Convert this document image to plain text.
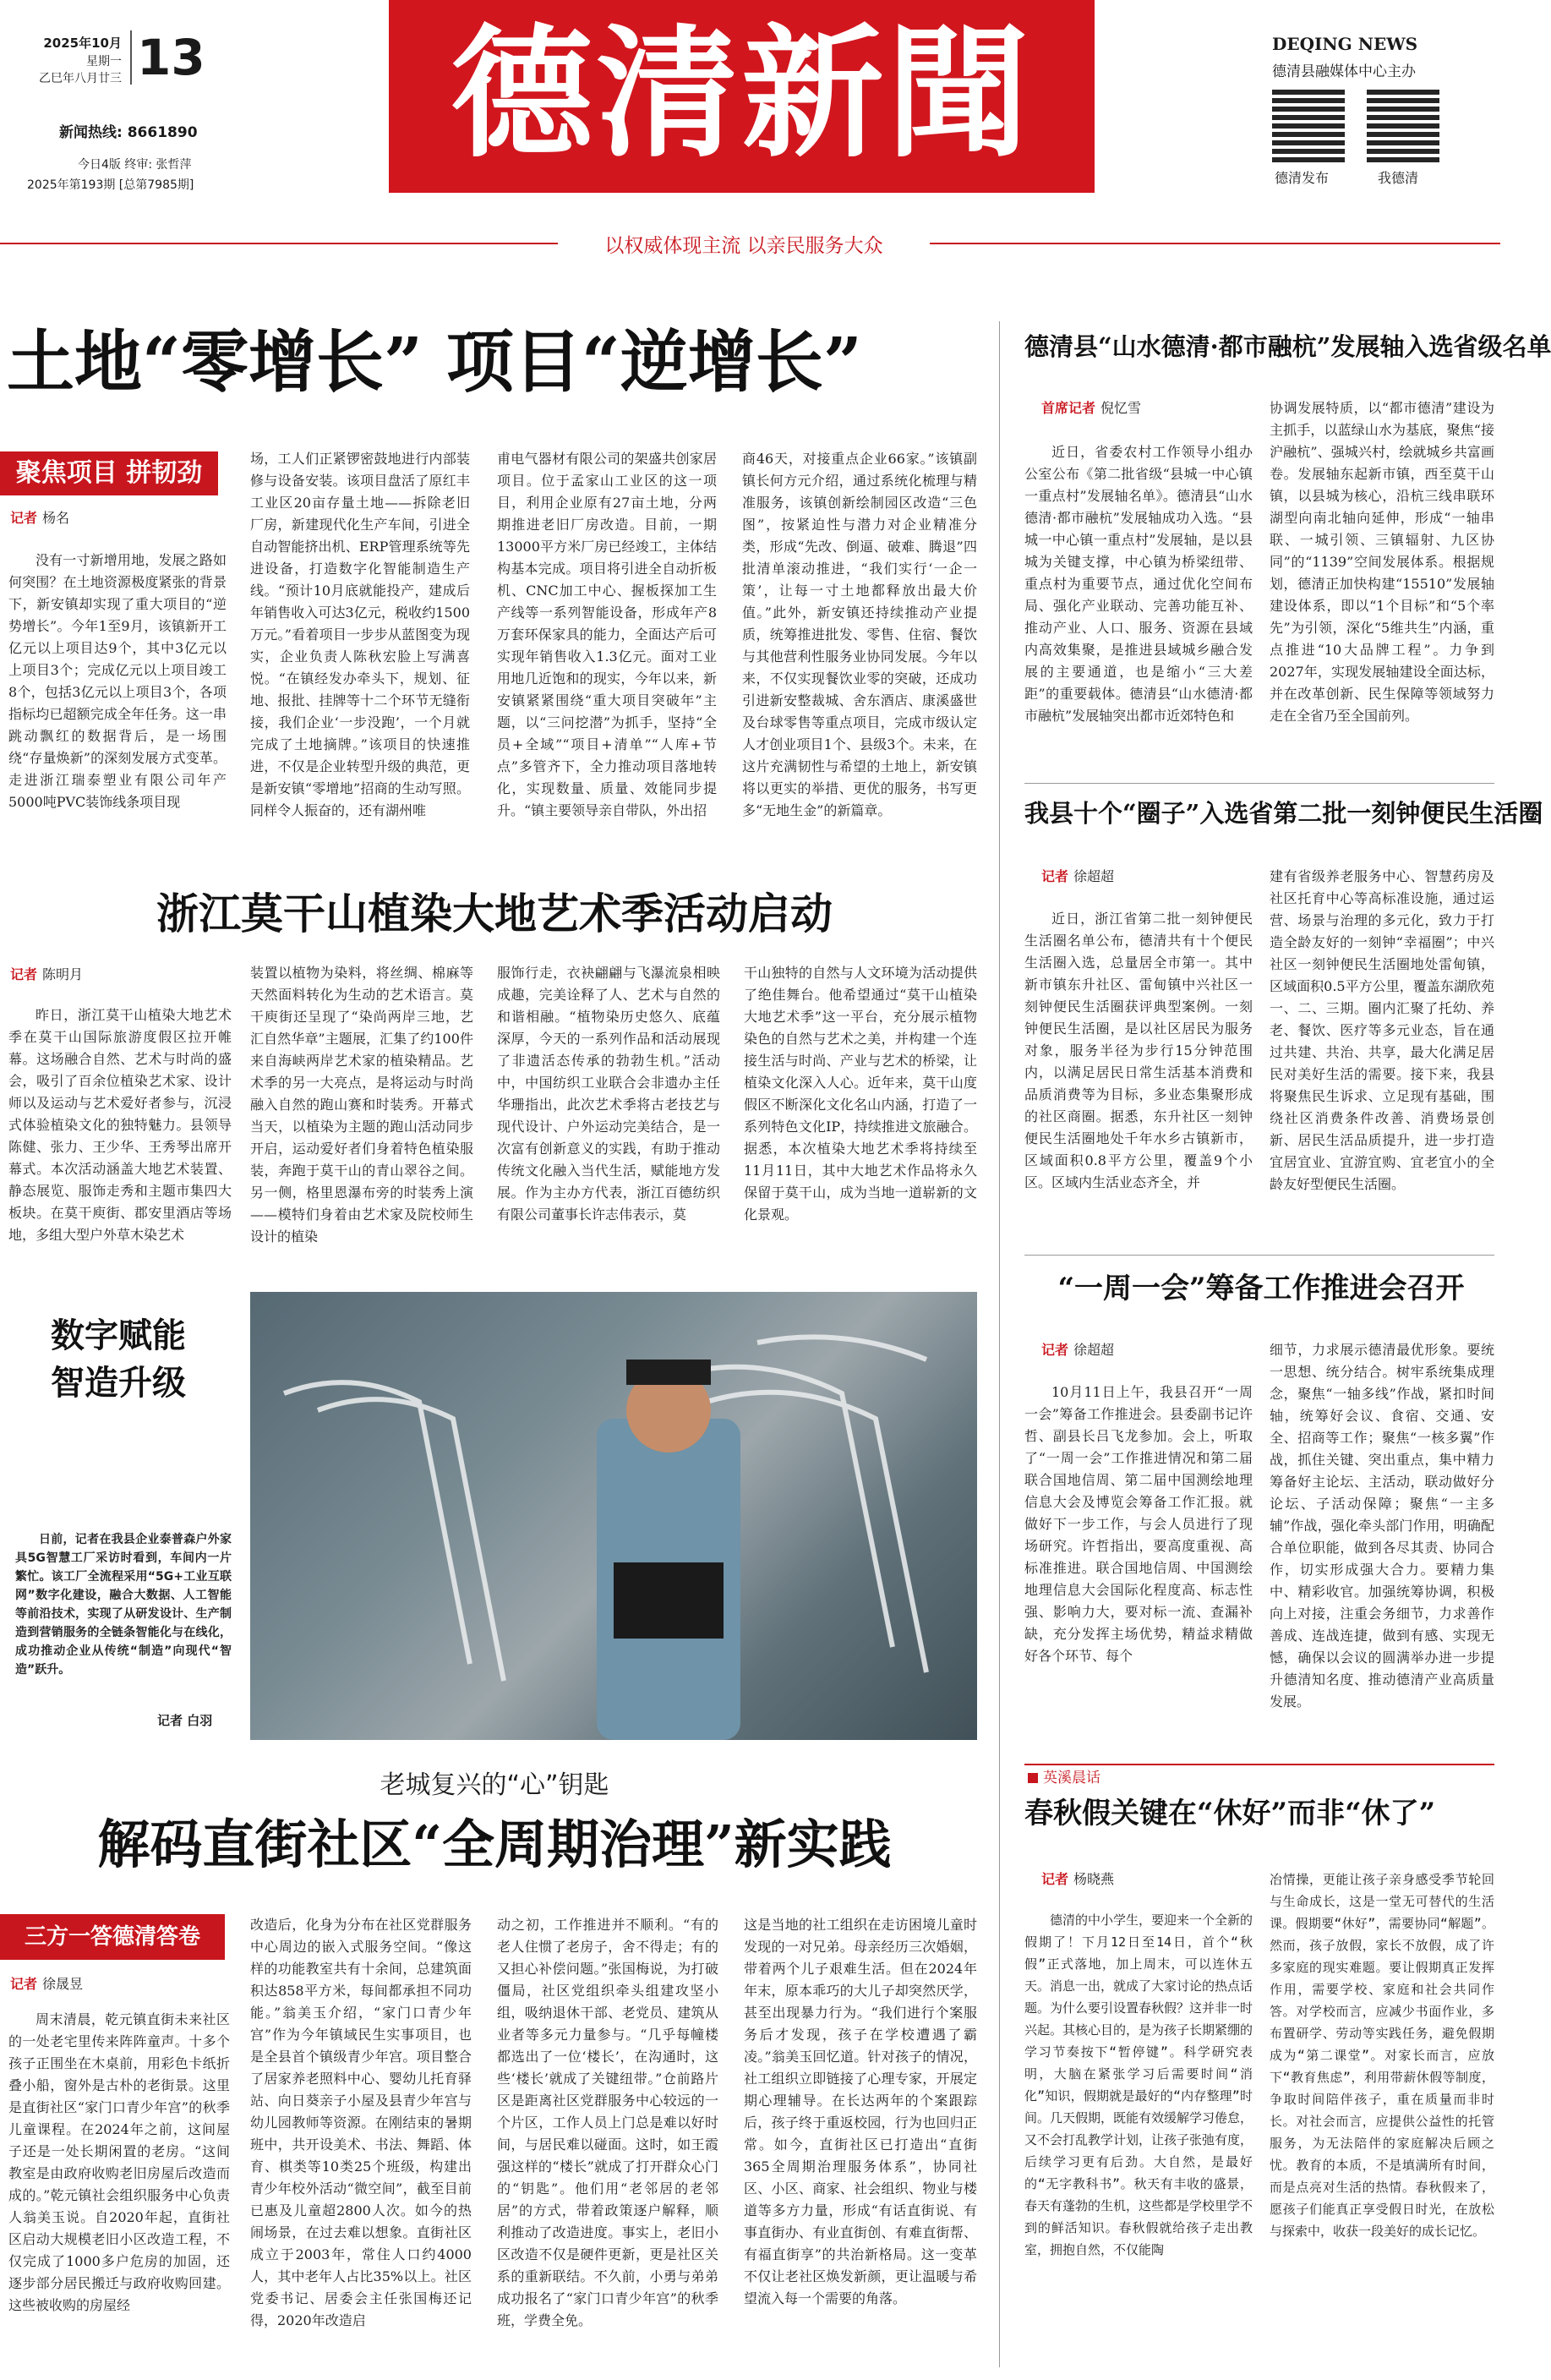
2025年10月
星期一
乙巳年八月廿三 13
新闻热线: 8661890
今日4版 终审: 张哲萍
2025年第193期 [总第7985期]
德清新聞	DEQING NEWS
德清县融媒体中心主办
德清发布	我德清
以权威体现主流 以亲民服务大众
土地“零增长” 项目“逆增长”
聚焦项目 拼韧劲
记者 杨名

没有一寸新增用地，发展之路如何突围？在土地资源极度紧张的背景下，新安镇却实现了重大项目的“逆势增长”。今年1至9月，该镇新开工亿元以上项目达9个，其中3亿元以上项目3个；完成亿元以上项目竣工8个，包括3亿元以上项目3个，各项指标均已超额完成全年任务。这一串跳动飘红的数据背后，是一场围绕“存量焕新”的深刻发展方式变革。走进浙江瑞泰塑业有限公司年产5000吨PVC装饰线条项目现

场，工人们正紧锣密鼓地进行内部装修与设备安装。该项目盘活了原红丰工业区20亩存量土地——拆除老旧厂房，新建现代化生产车间，引进全自动智能挤出机、ERP管理系统等先进设备，打造数字化智能制造生产线。“预计10月底就能投产，建成后年销售收入可达3亿元，税收约1500万元。”看着项目一步步从蓝图变为现实，企业负责人陈秋宏脸上写满喜悦。“在镇经发办牵头下，规划、征地、报批、挂牌等十二个环节无缝衔接，我们企业‘一步没跑’，一个月就完成了土地摘牌。”该项目的快速推进，不仅是企业转型升级的典范，更是新安镇“零增地”招商的生动写照。同样令人振奋的，还有湖州唯

甫电气器材有限公司的架盛共创家居项目。位于孟家山工业区的这一项目，利用企业原有27亩土地，分两期推进老旧厂房改造。目前，一期13000平方米厂房已经竣工，主体结构基本完成。项目将引进全自动折板机、CNC加工中心、握板探加工生产线等一系列智能设备，形成年产8万套环保家具的能力，全面达产后可实现年销售收入1.3亿元。面对工业用地几近饱和的现实，今年以来，新安镇紧紧围绕“重大项目突破年”主题，以“三问挖潜”为抓手，坚持“全员+全域”“项目+清单”“人库+节点”多管齐下，全力推动项目落地转化，实现数量、质量、效能同步提升。“镇主要领导亲自带队，外出招

商46天，对接重点企业66家。”该镇副镇长何方元介绍，通过系统化梳理与精准服务，该镇创新绘制园区改造“三色图”，按紧迫性与潜力对企业精准分类，形成“先改、倒逼、破难、腾退”四批清单滚动推进，“我们实行‘一企一策’，让每一寸土地都释放出最大价值。”此外，新安镇还持续推动产业提质，统筹推进批发、零售、住宿、餐饮与其他营利性服务业协同发展。今年以来，不仅实现餐饮业零的突破，还成功引进新安整裁城、舍东酒店、康溪盛世及台球零售等重点项目，完成市级认定人才创业项目1个、县级3个。未来，在这片充满韧性与希望的土地上，新安镇将以更实的举措、更优的服务，书写更多“无地生金”的新篇章。

浙江莫干山植染大地艺术季活动启动
记者 陈明月

昨日，浙江莫干山植染大地艺术季在莫干山国际旅游度假区拉开帷幕。这场融合自然、艺术与时尚的盛会，吸引了百余位植染艺术家、设计师以及运动与艺术爱好者参与，沉浸式体验植染文化的独特魅力。县领导陈健、张力、王少华、王秀琴出席开幕式。本次活动涵盖大地艺术装置、静态展览、服饰走秀和主题市集四大板块。在莫干庾街、郡安里酒店等场地，多组大型户外草木染艺术

装置以植物为染料，将丝绸、棉麻等天然面料转化为生动的艺术语言。莫干庾街还呈现了“染尚两岸三地，艺汇自然华章”主题展，汇集了约100件来自海峡两岸艺术家的植染精品。艺术季的另一大亮点，是将运动与时尚融入自然的跑山赛和时装秀。开幕式当天，以植染为主题的跑山活动同步开启，运动爱好者们身着特色植染服装，奔跑于莫干山的青山翠谷之间。另一侧，格里恩瀑布旁的时装秀上演——模特们身着由艺术家及院校师生设计的植染

服饰行走，衣袂翩翩与飞瀑流泉相映成趣，完美诠释了人、艺术与自然的和谐相融。“植物染历史悠久、底蕴深厚，今天的一系列作品和活动展现了非遗活态传承的勃勃生机。”活动中，中国纺织工业联合会非遗办主任华珊指出，此次艺术季将古老技艺与现代设计、户外运动完美结合，是一次富有创新意义的实践，有助于推动传统文化融入当代生活，赋能地方发展。作为主办方代表，浙江百德纺织有限公司董事长许志伟表示，莫

干山独特的自然与人文环境为活动提供了绝佳舞台。他希望通过“莫干山植染大地艺术季”这一平台，充分展示植物染色的自然与艺术之美，并构建一个连接生活与时尚、产业与艺术的桥梁，让植染文化深入人心。近年来，莫干山度假区不断深化文化名山内涵，打造了一系列特色文化IP，持续推进文旅融合。据悉，本次植染大地艺术季将持续至11月11日，其中大地艺术作品将永久保留于莫干山，成为当地一道崭新的文化景观。

数字赋能
智造升级

日前，记者在我县企业泰普森户外家具5G智慧工厂采访时看到，车间内一片繁忙。该工厂全流程采用“5G+工业互联网”数字化建设，融合大数据、人工智能等前沿技术，实现了从研发设计、生产制造到营销服务的全链条智能化与在线化，成功推动企业从传统“制造”向现代“智造”跃升。

记者 白羽
老城复兴的“心”钥匙
解码直街社区“全周期治理”新实践
三方一答德清答卷
记者 徐晟昱

周末清晨，乾元镇直街未来社区的一处老宅里传来阵阵童声。十多个孩子正围坐在木桌前，用彩色卡纸折叠小船，窗外是古朴的老街景。这里是直街社区“家门口青少年宫”的秋季儿童课程。在2024年之前，这间屋子还是一处长期闲置的老房。“这间教室是由政府收购老旧房屋后改造而成的。”乾元镇社会组织服务中心负责人翁美玉说。自2020年起，直街社区启动大规模老旧小区改造工程，不仅完成了1000多户危房的加固，还逐步部分居民搬迁与政府收购回建。这些被收购的房屋经

改造后，化身为分布在社区党群服务中心周边的嵌入式服务空间。“像这样的功能教室共有十余间，总建筑面积达858平方米，每间都承担不同功能。”翁美玉介绍，“家门口青少年宫”作为今年镇域民生实事项目，也是全县首个镇级青少年宫。项目整合了居家养老照料中心、婴幼儿托育驿站、向日葵亲子小屋及县青少年宫与幼儿园教师等资源。在刚结束的暑期班中，共开设美术、书法、舞蹈、体育、棋类等10类25个班级，构建出青少年校外活动“微空间”，截至目前已惠及儿童超2800人次。如今的热闹场景，在过去难以想象。直街社区成立于2003年，常住人口约4000人，其中老年人占比35%以上。社区党委书记、居委会主任张国梅还记得，2020年改造启

动之初，工作推进并不顺利。“有的老人住惯了老房子，舍不得走；有的又担心补偿问题。”张国梅说，为打破僵局，社区党组织牵头组建攻坚小组，吸纳退休干部、老党员、建筑从业者等多元力量参与。“几乎每幢楼都选出了一位‘楼长’，在沟通时，这些‘楼长’就成了关键纽带。”仓前路片区是距离社区党群服务中心较远的一个片区，工作人员上门总是难以好时间，与居民难以碰面。这时，如王霞强这样的“楼长”就成了打开群众心门的“钥匙”。他们用“老邻居的老邻居”的方式，带着政策逐户解释，顺利推动了改造进度。事实上，老旧小区改造不仅是硬件更新，更是社区关系的重新联结。不久前，小勇与弟弟成功报名了“家门口青少年宫”的秋季班，学费全免。

这是当地的社工组织在走访困境儿童时发现的一对兄弟。母亲经历三次婚姻，带着两个儿子艰难生活。但在2024年年末，原本乖巧的大儿子却突然厌学，甚至出现暴力行为。“我们进行个案服务后才发现，孩子在学校遭遇了霸凌。”翁美玉回忆道。针对孩子的情况，社工组织立即链接了心理专家，开展定期心理辅导。在长达两年的个案跟踪后，孩子终于重返校园，行为也回归正常。如今，直街社区已打造出“直街365全周期治理服务体系”，协同社区、小区、商家、社会组织、物业与楼道等多方力量，形成“有话直街说、有事直街办、有业直街创、有难直街帮、有福直街享”的共治新格局。这一变革不仅让老社区焕发新颜，更让温暖与希望流入每一个需要的角落。

德清县“山水德清·都市融杭”发展轴入选省级名单
首席记者 倪忆雪

近日，省委农村工作领导小组办公室公布《第二批省级“县城一中心镇一重点村”发展轴名单》。德清县“山水德清·都市融杭”发展轴成功入选。“县城一中心镇一重点村”发展轴，是以县城为关键支撑，中心镇为桥梁纽带、重点村为重要节点，通过优化空间布局、强化产业联动、完善功能互补、推动产业、人口、服务、资源在县域内高效集聚，是推进县域城乡融合发展的主要通道，也是缩小“三大差距”的重要载体。德清县“山水德清·都市融杭”发展轴突出都市近郊特色和

协调发展特质，以“都市德清”建设为主抓手，以蓝绿山水为基底，聚焦“接沪融杭”、强城兴村，绘就城乡共富画卷。发展轴东起新市镇，西至莫干山镇，以县城为核心，沿杭三线串联环湖型向南北轴向延伸，形成“一轴串联、一城引领、三镇辐射、九区协同”的“1139”空间发展体系。根据规划，德清正加快构建“15510”发展轴建设体系，即以“1个目标”和“5个率先”为引领，深化“5维共生”内涵，重点推进“10大品牌工程”。力争到2027年，实现发展轴建设全面达标，并在改革创新、民生保障等领域努力走在全省乃至全国前列。

我县十个“圈子”入选省第二批一刻钟便民生活圈
记者 徐超超

近日，浙江省第二批一刻钟便民生活圈名单公布，德清共有十个便民生活圈入选，总量居全市第一。其中新市镇东升社区、雷甸镇中兴社区一刻钟便民生活圈获评典型案例。一刻钟便民生活圈，是以社区居民为服务对象，服务半径为步行15分钟范围内，以满足居民日常生活基本消费和品质消费等为目标，多业态集聚形成的社区商圈。据悉，东升社区一刻钟便民生活圈地处千年水乡古镇新市，区域面积0.8平方公里，覆盖9个小区。区域内生活业态齐全，并

建有省级养老服务中心、智慧药房及社区托育中心等高标准设施，通过运营、场景与治理的多元化，致力于打造全龄友好的一刻钟“幸福圈”；中兴社区一刻钟便民生活圈地处雷甸镇，区域面积0.5平方公里，覆盖东湖欣苑一、二、三期。圈内汇聚了托幼、养老、餐饮、医疗等多元业态，旨在通过共建、共治、共享，最大化满足居民对美好生活的需要。接下来，我县将聚焦民生诉求、立足现有基础，围绕社区消费条件改善、消费场景创新、居民生活品质提升，进一步打造宜居宜业、宜游宜购、宜老宜小的全龄友好型便民生活圈。

“一周一会”筹备工作推进会召开
记者 徐超超

10月11日上午，我县召开“一周一会”筹备工作推进会。县委副书记许哲、副县长吕飞龙参加。会上，听取了“一周一会”工作推进情况和第二届联合国地信周、第二届中国测绘地理信息大会及博览会筹备工作汇报。就做好下一步工作，与会人员进行了现场研究。许哲指出，要高度重视、高标准推进。联合国地信周、中国测绘地理信息大会国际化程度高、标志性强、影响力大，要对标一流、查漏补缺，充分发挥主场优势，精益求精做好各个环节、每个

细节，力求展示德清最优形象。要统一思想、统分结合。树牢系统集成理念，聚焦“一轴多线”作战，紧扣时间轴，统筹好会议、食宿、交通、安全、招商等工作；聚焦“一核多翼”作战，抓住关键、突出重点，集中精力筹备好主论坛、主活动，联动做好分论坛、子活动保障；聚焦“一主多辅”作战，强化牵头部门作用，明确配合单位职能，做到各尽其责、协同合作，切实形成强大合力。要精力集中、精彩收官。加强统筹协调，积极向上对接，注重会务细节，力求善作善成、连战连捷，做到有感、实现无憾，确保以会议的圆满举办进一步提升德清知名度、推动德清产业高质量发展。

英溪晨话
春秋假关键在“休好”而非“休了”
记者 杨晓燕

德清的中小学生，要迎来一个全新的假期了！下月12日至14日，首个“秋假”正式落地，加上周末，可以连休五天。消息一出，就成了大家讨论的热点话题。为什么要引设置春秋假？这并非一时兴起。其核心目的，是为孩子长期紧绷的学习节奏按下“暂停键”。科学研究表明，大脑在紧张学习后需要时间“消化”知识，假期就是最好的“内存整理”时间。几天假期，既能有效缓解学习倦怠，又不会打乱教学计划，让孩子张弛有度，后续学习更有后劲。大自然，是最好的“无字教科书”。秋天有丰收的盛景，春天有蓬勃的生机，这些都是学校里学不到的鲜活知识。春秋假就给孩子走出教室，拥抱自然，不仅能陶

冶情操，更能让孩子亲身感受季节轮回与生命成长，这是一堂无可替代的生活课。假期要“休好”，需要协同“解题”。然而，孩子放假，家长不放假，成了许多家庭的现实难题。要让假期真正发挥作用，需要学校、家庭和社会共同作答。对学校而言，应减少书面作业，多布置研学、劳动等实践任务，避免假期成为“第二课堂”。对家长而言，应放下“教育焦虑”，利用带薪休假等制度，争取时间陪伴孩子，重在质量而非时长。对社会而言，应提供公益性的托管服务，为无法陪伴的家庭解决后顾之忧。教育的本质，不是填满所有时间，而是点亮对生活的热情。春秋假来了，愿孩子们能真正享受假日时光，在放松与探索中，收获一段美好的成长记忆。
